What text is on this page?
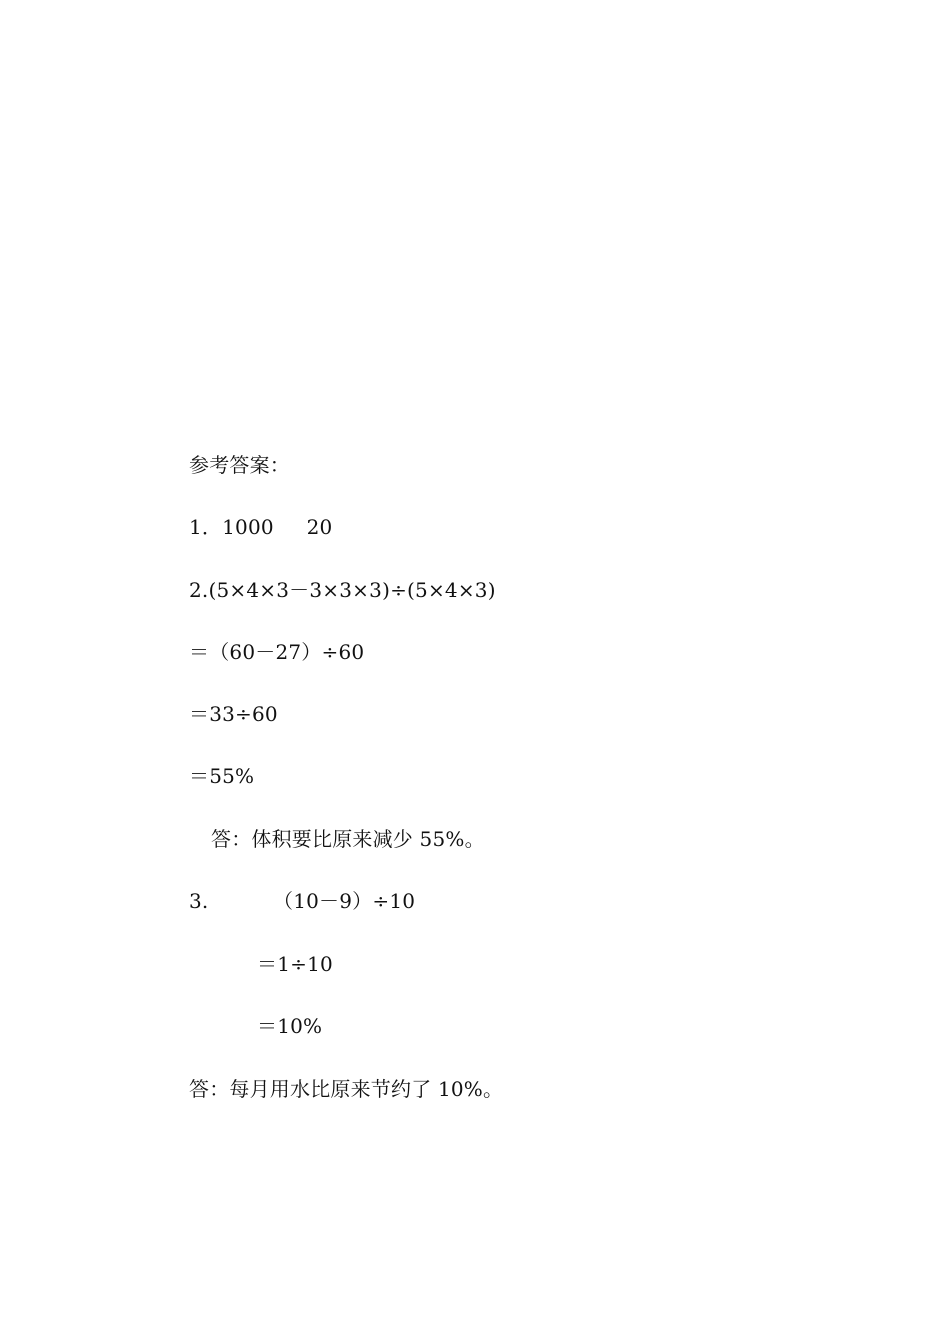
参考答案：
1．1000     20
2.(5×4×3－3×3×3)÷(5×4×3)
＝（60－27）÷60
＝33÷60
＝55%
答：体积要比原来减少 55%。
3.	（10－9）÷10
＝1÷10
＝10%
答：每月用水比原来节约了 10%。
